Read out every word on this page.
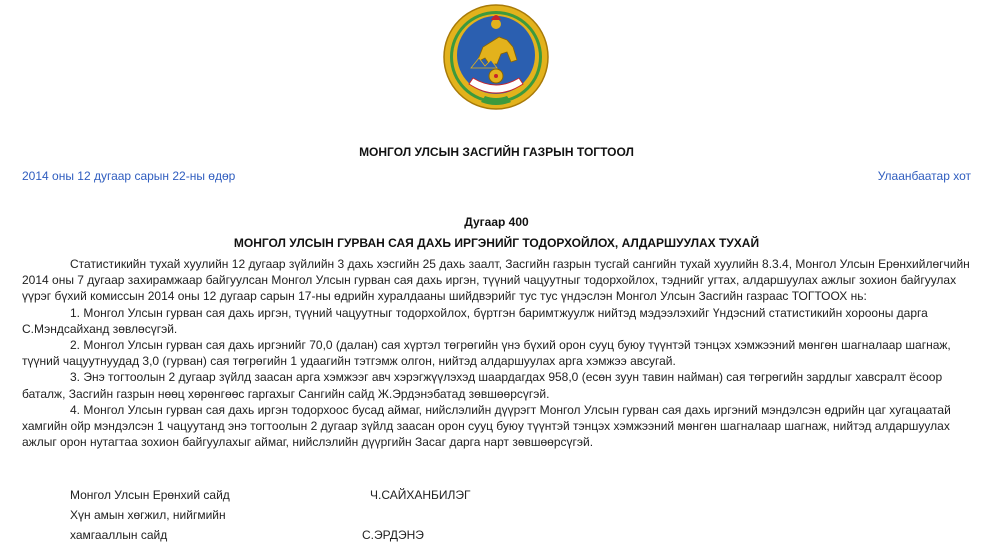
МОНГОЛ УЛСЫН ЗАСГИЙН ГАЗРЫН ТОГТООЛ
2014 оны 12 дугаар сарын 22-ны өдөр	Улаанбаатар хот
Дугаар 400
МОНГОЛ УЛСЫН ГУРВАН САЯ ДАХЬ ИРГЭНИЙГ ТОДОРХОЙЛОХ, АЛДАРШУУЛАХ ТУХАЙ

Статистикийн тухай хуулийн 12 дугаар зүйлийн 3 дахь хэсгийн 25 дахь заалт, Засгийн газрын тусгай сангийн тухай хуулийн 8.3.4, Монгол Улсын Ерөнхийлөгчийн 2014 оны 7 дугаар захирамжаар байгуулсан Монгол Улсын гурван сая дахь иргэн, түүний чацуутныг тодорхойлох, тэднийг угтах, алдаршуулах ажлыг зохион байгуулах үүрэг бүхий комиссын 2014 оны 12 дугаар сарын 17-ны өдрийн хуралдааны шийдвэрийг тус тус үндэслэн Монгол Улсын Засгийн газраас ТОГТООХ нь:

1. Монгол Улсын гурван сая дахь иргэн, түүний чацуутныг тодорхойлох, бүртгэн баримтжуулж нийтэд мэдээлэхийг Үндэсний статистикийн хорооны дарга С.Мэндсайханд зөвлөсүгэй.

2. Монгол Улсын гурван сая дахь иргэнийг 70,0 (далан) сая хүртэл төгрөгийн үнэ бүхий орон сууц буюу түүнтэй тэнцэх хэмжээний мөнгөн шагналаар шагнаж, түүний чацуутнуудад 3,0 (гурван) сая төгрөгийн 1 удаагийн тэтгэмж олгон, нийтэд алдаршуулах арга хэмжээ авсугай.

3. Энэ тогтоолын 2 дугаар зүйлд заасан арга хэмжээг авч хэрэгжүүлэхэд шаардагдах 958,0 (есөн зуун тавин найман) сая төгрөгийн зардлыг хавсралт ёсоор баталж, Засгийн газрын нөөц хөрөнгөөс гаргахыг Сангийн сайд Ж.Эрдэнэбатад зөвшөөрсүгэй.

4. Монгол Улсын гурван сая дахь иргэн тодорхоос бусад аймаг, нийслэлийн дүүрэгт Монгол Улсын гурван сая дахь иргэний мэндэлсэн өдрийн цаг хугацаатай хамгийн ойр мэндэлсэн 1 чацуутанд энэ тогтоолын 2 дугаар зүйлд заасан орон сууц буюу түүнтэй тэнцэх хэмжээний мөнгөн шагналаар шагнаж, нийтэд алдаршуулах ажлыг орон нутагтаа зохион байгуулахыг аймаг, нийслэлийн дүүргийн Засаг дарга нарт зөвшөөрсүгэй.

Монгол Улсын Ерөнхий сайд	Ч.САЙХАНБИЛЭГ
Хүн амын хөгжил, нийгмийн
хамгааллын сайд	С.ЭРДЭНЭ
